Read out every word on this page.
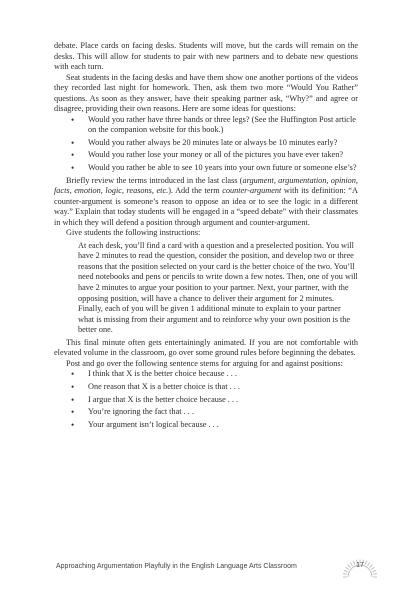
debate. Place cards on facing desks. Students will move, but the cards will remain on the desks. This will allow for students to pair with new partners and to debate new questions with each turn.

Seat students in the facing desks and have them show one another portions of the videos they recorded last night for homework. Then, ask them two more “Would You Rather” questions. As soon as they answer, have their speaking partner ask, “Why?” and agree or disagree, providing their own reasons. Here are some ideas for questions:

• Would you rather have three hands or three legs? (See the Huffington Post article on the companion website for this book.)
• Would you rather always be 20 minutes late or always be 10 minutes early?
• Would you rather lose your money or all of the pictures you have ever taken?
• Would you rather be able to see 10 years into your own future or someone else’s?

Briefly review the terms introduced in the last class (argument, argumentation, opinion, facts, emotion, logic, reasons, etc.). Add the term counter-argument with its definition: “A counter-argument is someone’s reason to oppose an idea or to see the logic in a different way.” Explain that today students will be engaged in a “speed debate” with their classmates in which they will defend a position through argument and counter-argument.

Give students the following instructions:

At each desk, you’ll find a card with a question and a preselected position. You will have 2 minutes to read the question, consider the position, and develop two or three reasons that the position selected on your card is the better choice of the two. You’ll need notebooks and pens or pencils to write down a few notes. Then, one of you will have 2 minutes to argue your position to your partner. Next, your partner, with the opposing position, will have a chance to deliver their argument for 2 minutes. Finally, each of you will be given 1 additional minute to explain to your partner what is missing from their argument and to reinforce why your own position is the better one.

This final minute often gets entertainingly animated. If you are not comfortable with elevated volume in the classroom, go over some ground rules before beginning the debates.

Post and go over the following sentence stems for arguing for and against positions:

• I think that X is the better choice because . . .
• One reason that X is a better choice is that . . .
• I argue that X is the better choice because . . .
• You’re ignoring the fact that . . .
• Your argument isn’t logical because . . .
Approaching Argumentation Playfully in the English Language Arts Classroom	17
